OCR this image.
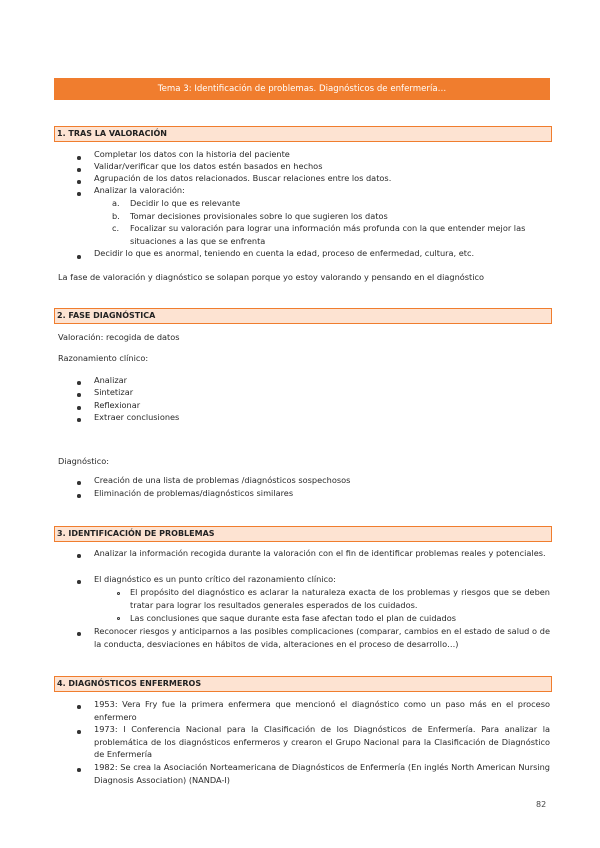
Tema 3: Identificación de problemas. Diagnósticos de enfermería…
1. TRAS LA VALORACIÓN
Completar los datos con la historia del paciente
Validar/verificar que los datos estén basados en hechos
Agrupación de los datos relacionados. Buscar relaciones entre los datos.
Analizar la valoración:
a. Decidir lo que es relevante
b. Tomar decisiones provisionales sobre lo que sugieren los datos
c. Focalizar su valoración para lograr una información más profunda con la que entender mejor las situaciones a las que se enfrenta
Decidir lo que es anormal, teniendo en cuenta la edad, proceso de enfermedad, cultura, etc.
La fase de valoración y diagnóstico se solapan porque yo estoy valorando y pensando en el diagnóstico
2. FASE DIAGNÓSTICA
Valoración: recogida de datos
Razonamiento clínico:
Analizar
Sintetizar
Reflexionar
Extraer conclusiones
Diagnóstico:
Creación de una lista de problemas /diagnósticos sospechosos
Eliminación de problemas/diagnósticos similares
3. IDENTIFICACIÓN DE PROBLEMAS
Analizar la información recogida durante la valoración con el fin de identificar problemas reales y potenciales.
El diagnóstico es un punto crítico del razonamiento clínico:
El propósito del diagnóstico es aclarar la naturaleza exacta de los problemas y riesgos que se deben tratar para lograr los resultados generales esperados de los cuidados.
Las conclusiones que saque durante esta fase afectan todo el plan de cuidados
Reconocer riesgos y anticiparnos a las posibles complicaciones (comparar, cambios en el estado de salud o de la conducta, desviaciones en hábitos de vida, alteraciones en el proceso de desarrollo…)
4. DIAGNÓSTICOS ENFERMEROS
1953: Vera Fry fue la primera enfermera que mencionó el diagnóstico como un paso más en el proceso enfermero
1973: I Conferencia Nacional para la Clasificación de los Diagnósticos de Enfermería. Para analizar la problemática de los diagnósticos enfermeros y crearon el Grupo Nacional para la Clasificación de Diagnóstico de Enfermería
1982: Se crea la Asociación Norteamericana de Diagnósticos de Enfermería (En inglés North American Nursing Diagnosis Association) (NANDA-I)
82
